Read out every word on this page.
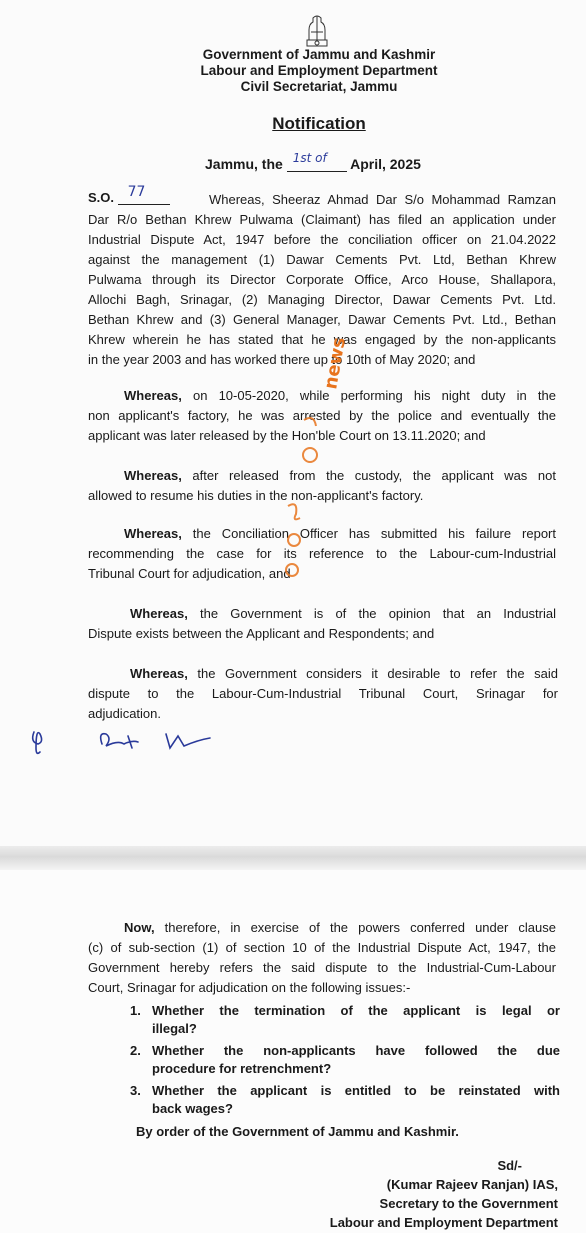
Government of Jammu and Kashmir
Labour and Employment Department
Civil Secretariat, Jammu
Notification
Jammu, the 1st of April, 2025
S.O. 77	Whereas, Sheeraz Ahmad Dar S/o Mohammad Ramzan
Dar R/o Bethan Khrew Pulwama (Claimant) has filed an application under
Industrial Dispute Act, 1947 before the conciliation officer on 21.04.2022
against the management (1) Dawar Cements Pvt. Ltd, Bethan Khrew
Pulwama through its Director Corporate Office, Arco House, Shallapora,
Allochi Bagh, Srinagar, (2) Managing Director, Dawar Cements Pvt. Ltd.
Bethan Khrew and (3) General Manager, Dawar Cements Pvt. Ltd., Bethan
Khrew wherein he has stated that he was engaged by the non-applicants
in the year 2003 and has worked there up to 10th of May 2020; and
Whereas, on 10-05-2020, while performing his night duty in the
non applicant's factory, he was arrested by the police and eventually the
applicant was later released by the Hon'ble Court on 13.11.2020; and
Whereas, after released from the custody, the applicant was not
allowed to resume his duties in the non-applicant's factory.
Whereas, the Conciliation Officer has submitted his failure report
recommending the case for its reference to the Labour-cum-Industrial
Tribunal Court for adjudication, and
Whereas, the Government is of the opinion that an Industrial
Dispute exists between the Applicant and Respondents; and
Whereas, the Government considers it desirable to refer the said
dispute to the Labour-Cum-Industrial Tribunal Court, Srinagar for
adjudication.
news
Now, therefore, in exercise of the powers conferred under clause
(c) of sub-section (1) of section 10 of the Industrial Dispute Act, 1947, the
Government hereby refers the said dispute to the Industrial-Cum-Labour
Court, Srinagar for adjudication on the following issues:-
1. Whether the termination of the applicant is legal or
illegal?
2. Whether the non-applicants have followed the due
procedure for retrenchment?
3. Whether the applicant is entitled to be reinstated with
back wages?
By order of the Government of Jammu and Kashmir.
Sd/-
(Kumar Rajeev Ranjan) IAS,
Secretary to the Government
Labour and Employment Department
